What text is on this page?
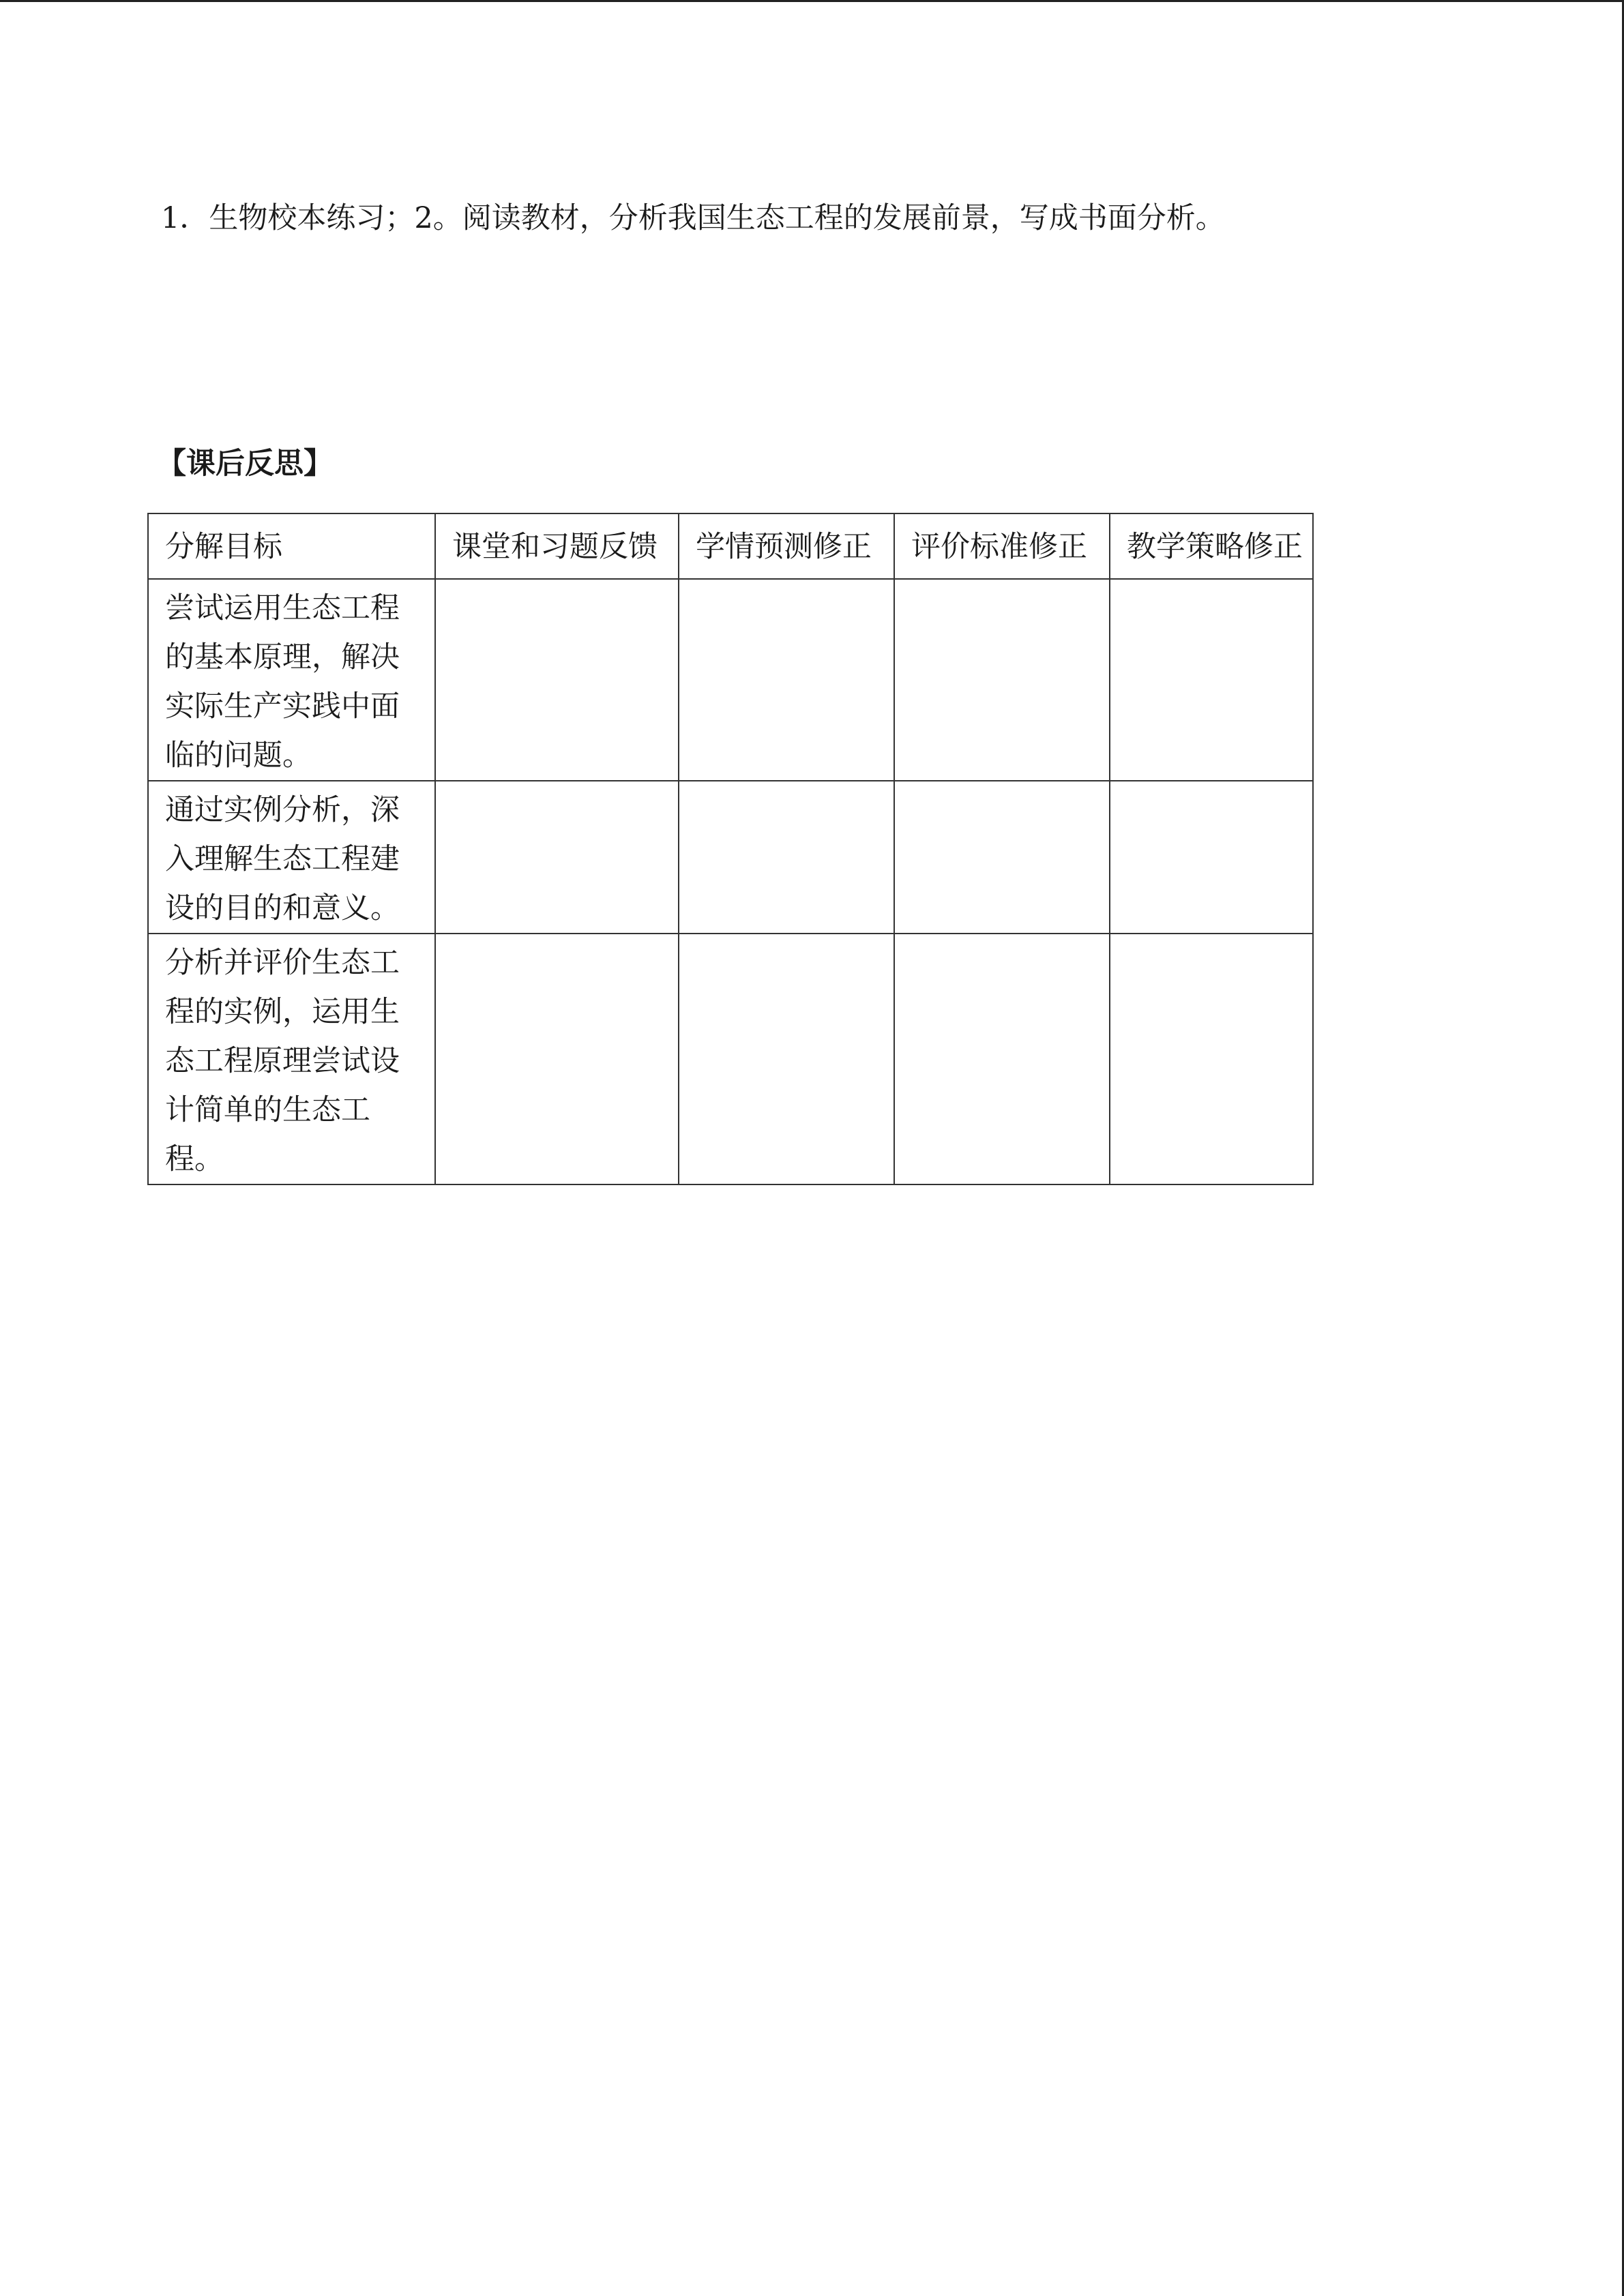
1．生物校本练习；2。阅读教材，分析我国生态工程的发展前景，写成书面分析。
【课后反思】
分解目标	课堂和习题反馈	学情预测修正	评价标准修正	教学策略修正
尝试运用生态工程的基本原理，解决实际生产实践中面临的问题。				
通过实例分析，深入理解生态工程建设的目的和意义。				
分析并评价生态工程的实例，运用生态工程原理尝试设计简单的生态工程。				
